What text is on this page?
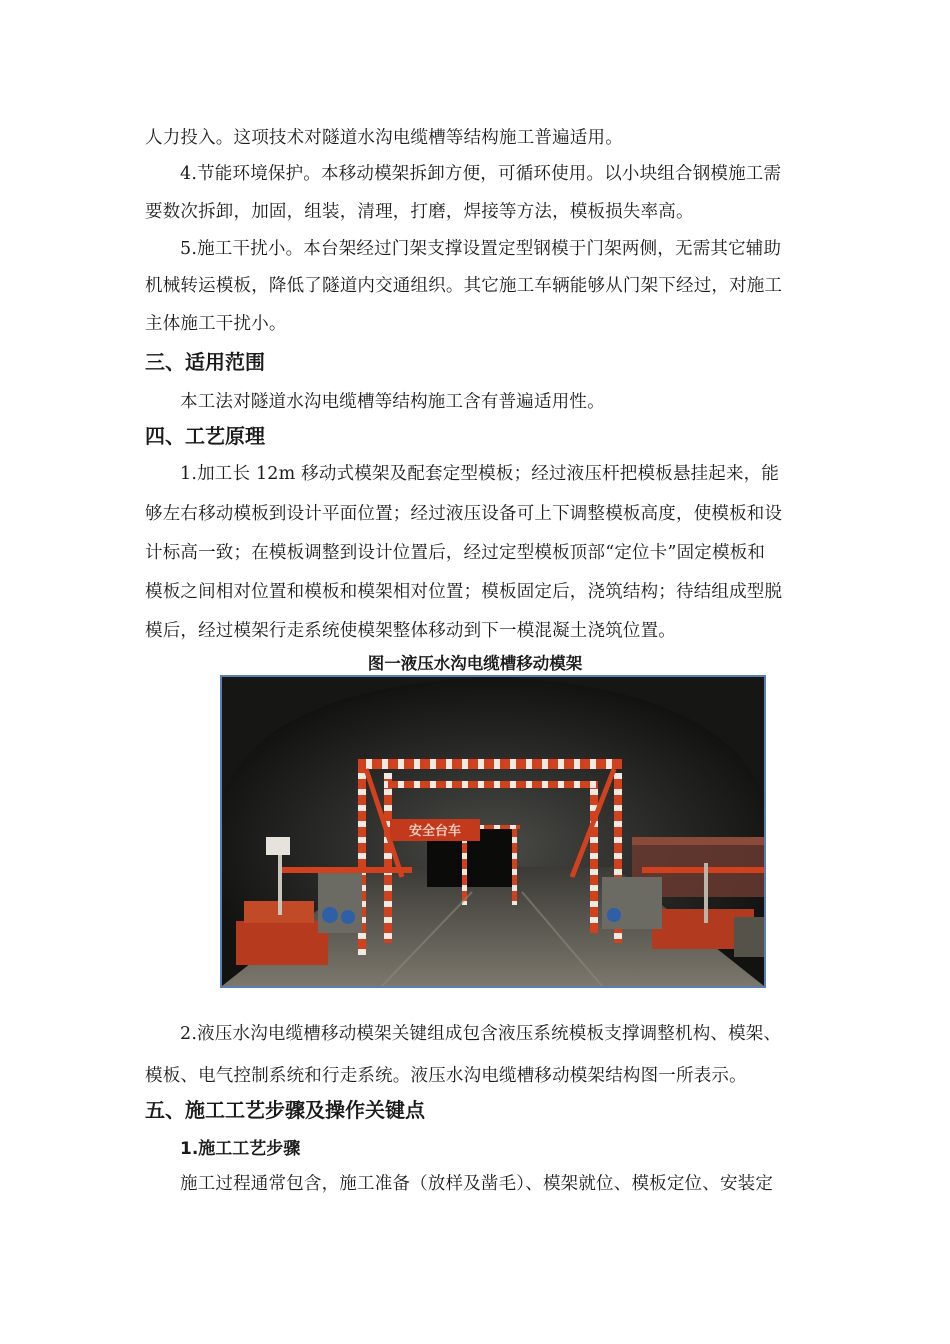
人力投入。这项技术对隧道水沟电缆槽等结构施工普遍适用。
4.节能环境保护。本移动模架拆卸方便，可循环使用。以小块组合钢模施工需
要数次拆卸，加固，组装，清理，打磨，焊接等方法，模板损失率高。
5.施工干扰小。本台架经过门架支撑设置定型钢模于门架两侧，无需其它辅助
机械转运模板，降低了隧道内交通组织。其它施工车辆能够从门架下经过，对施工
主体施工干扰小。
三、适用范围
本工法对隧道水沟电缆槽等结构施工含有普遍适用性。
四、工艺原理
1.加工长 12m 移动式模架及配套定型模板；经过液压杆把模板悬挂起来，能
够左右移动模板到设计平面位置；经过液压设备可上下调整模板高度，使模板和设
计标高一致；在模板调整到设计位置后，经过定型模板顶部“定位卡”固定模板和
模板之间相对位置和模板和模架相对位置；模板固定后，浇筑结构；待结组成型脱
模后，经过模架行走系统使模架整体移动到下一模混凝土浇筑位置。
图一液压水沟电缆槽移动模架
安全台车
2.液压水沟电缆槽移动模架关键组成包含液压系统模板支撑调整机构、模架、
模板、电气控制系统和行走系统。液压水沟电缆槽移动模架结构图一所表示。
五、施工工艺步骤及操作关键点
1.施工工艺步骤
施工过程通常包含，施工准备（放样及凿毛）、模架就位、模板定位、安装定
